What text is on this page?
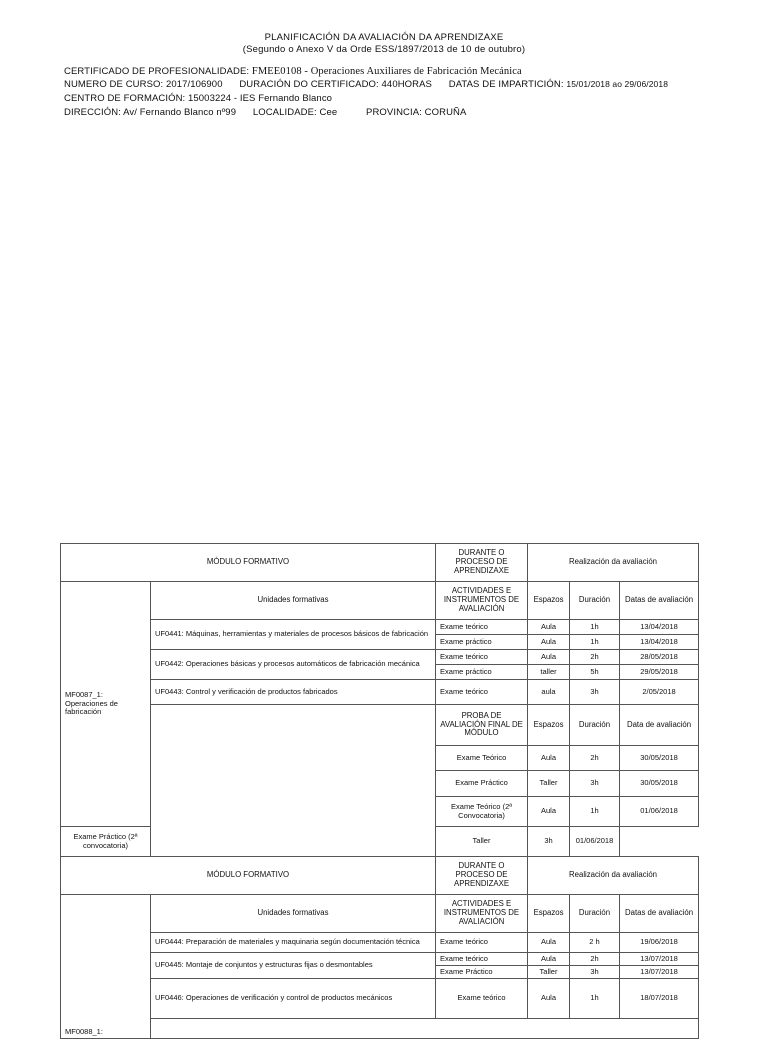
PLANIFICACIÓN DA AVALIACIÓN DA APRENDIZAXE
(Segundo o Anexo V da Orde ESS/1897/2013 de 10 de outubro)
CERTIFICADO DE PROFESIONALIDADE: FMEE0108 - Operaciones Auxiliares de Fabricación Mecánica
NUMERO DE CURSO: 2017/106900 DURACIÓN DO CERTIFICADO: 440HORAS DATAS DE IMPARTICIÓN: 15/01/2018 ao 29/06/2018
CENTRO DE FORMACIÓN: 15003224 - IES Fernando Blanco
DIRECCIÓN: Av/ Fernando Blanco nº99 LOCALIDADE: Cee	PROVINCIA: CORUÑA
MÓDULO FORMATIVO		DURANTE O PROCESO DE APRENDIZAXE	Realización da avaliación		
MF0087_1: Operaciones de fabricación	Unidades formativas	ACTIVIDADES E INSTRUMENTOS DE AVALIACIÓN	Espazos	Duración	Datas de avaliación
	UF0441: Máquinas, herramientas y materiales de procesos básicos de fabricación	Exame teórico	Aula	1h	13/04/2018
		Exame práctico	Aula	1h	13/04/2018
	UF0442: Operaciones básicas y procesos automáticos de fabricación mecánica	Exame teórico	Aula	2h	28/05/2018
		Exame práctico	taller	5h	29/05/2018
	UF0443: Control y verificación de productos fabricados	Exame teórico	aula	3h	2/05/2018
		PROBA DE AVALIACIÓN FINAL DE MÓDULO	Espazos	Duración	Data de avaliación
		Exame Teórico	Aula	2h	30/05/2018
		Exame Práctico	Taller	3h	30/05/2018
		Exame Teórico (2ª Convocatoria)	Aula	1h	01/06/2018
Exame Práctico (2ª convocatoria)		Taller	3h	01/06/2018	
MÓDULO FORMATIVO		DURANTE O PROCESO DE APRENDIZAXE	Realización da avaliación		
MF0088_1:	Unidades formativas	ACTIVIDADES E INSTRUMENTOS DE AVALIACIÓN	Espazos	Duración	Datas de avaliación
	UF0444: Preparación de materiales y maquinaria según documentación técnica	Exame teórico	Aula	2 h	19/06/2018
	UF0445: Montaje de conjuntos y estructuras fijas o desmontables	Exame teórico	Aula	2h	13/07/2018
		Exame Práctico	Taller	3h	13/07/2018
	UF0446: Operaciones de verificación y control de productos mecánicos	Exame teórico	Aula	1h	18/07/2018
